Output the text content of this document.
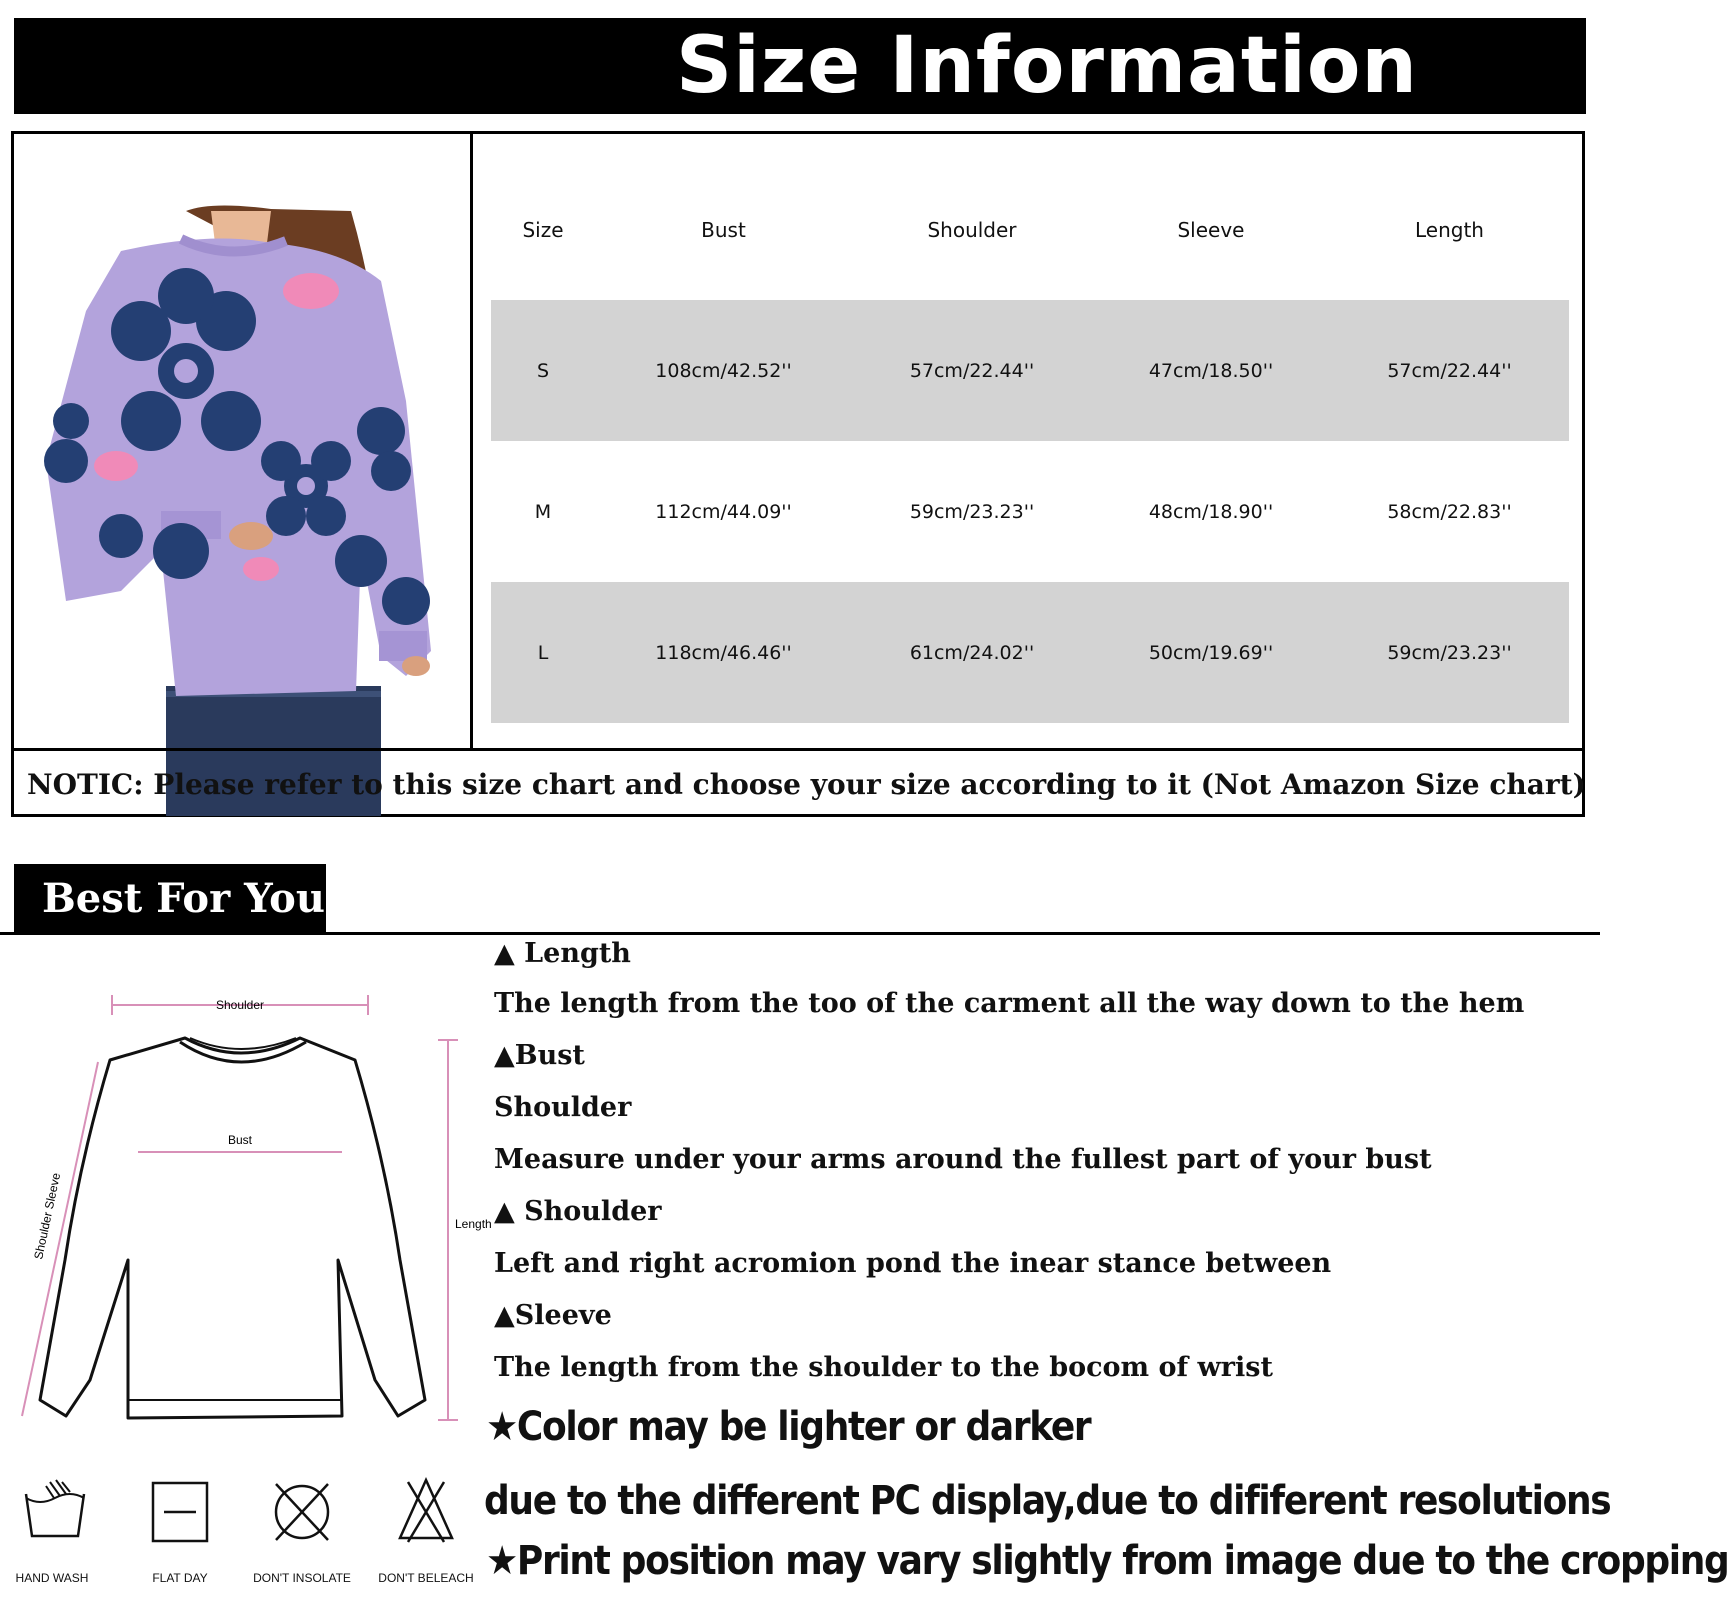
Size Information
Size	Bust	Shoulder	Sleeve	Length
S	108cm/42.52''	57cm/22.44''	47cm/18.50''	57cm/22.44''
M	112cm/44.09''	59cm/23.23''	48cm/18.90''	58cm/22.83''
L	118cm/46.46''	61cm/24.02''	50cm/19.69''	59cm/23.23''
NOTIC: Please refer to this size chart and choose your size according to it (Not Amazon Size chart)
Best For You
Shoulder
Bust
Length
Shoulder Sleeve
▲ Length
The length from the too of the carment all the way down to the hem
▲Bust
Shoulder
Measure under your arms around the fullest part of your bust
▲ Shoulder
Left and right acromion pond the inear stance between
▲Sleeve
The length from the shoulder to the bocom of wrist
★Color may be lighter or darker
due to the different PC display,due to dififerent resolutions
★Print position may vary slightly from image due to the cropping
HAND WASH	FLAT DAY	DON'T INSOLATE	DON'T BELEACH
